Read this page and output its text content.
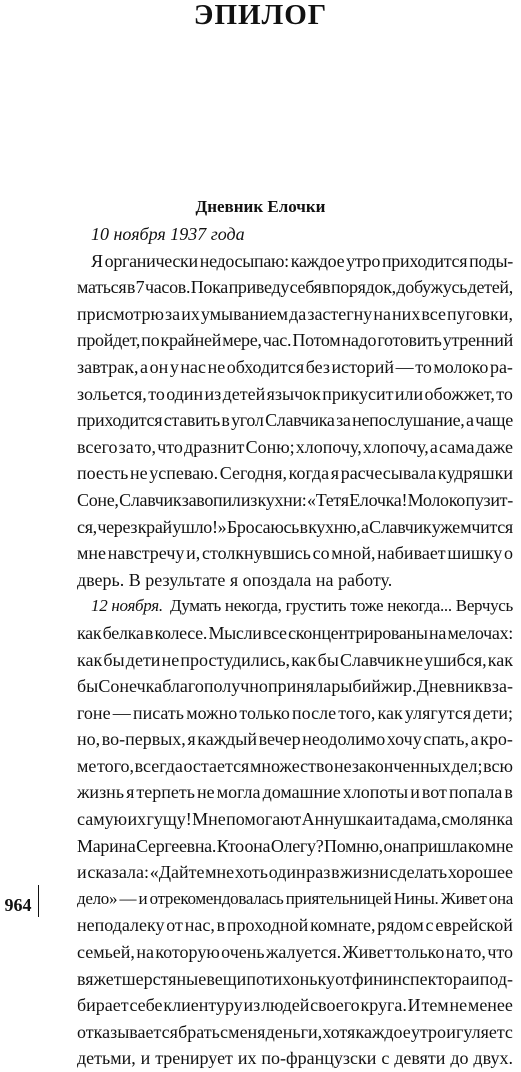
ЭПИЛОГ
Дневник Елочки
10 ноября 1937 года
Я органически недосыпаю: каждое утро приходится поды-
маться в 7 часов. Пока приведу себя в порядок, добужусь детей,
присмотрю за их умыванием да застегну на них все пуговки,
пройдет, по крайней мере, час. Потом надо готовить утренний
завтрак, а он у нас не обходится без историй — то молоко ра-
зольется, то один из детей язычок прикусит или обожжет, то
приходится ставить в угол Славчика за непослушание, а чаще
всего за то, что дразнит Соню; хлопочу, хлопочу, а сама даже
поесть не успеваю. Сегодня, когда я расчесывала кудряшки
Соне, Славчик завопил из кухни: «Тетя Елочка! Молоко пузит-
ся, через край ушло!» Бросаюсь в кухню, а Славчик уже мчится
мне навстречу и, столкнувшись со мной, набивает шишку о
дверь. В результате я опоздала на работу.
12 ноября. Думать некогда, грустить тоже некогда... Верчусь
как белка в колесе. Мысли все сконцентрированы на мелочах:
как бы дети не простудились, как бы Славчик не ушибся, как
бы Сонечка благополучно приняла рыбий жир. Дневник в за-
гоне — писать можно только после того, как улягутся дети;
но, во-первых, я каждый вечер неодолимо хочу спать, а кро-
ме того, всегда остается множество незаконченных дел; всю
жизнь я терпеть не могла домашние хлопоты и вот попала в
самую их гущу! Мне помогают Аннушка и та дама, смолянка
Марина Сергеевна. Кто она Олегу? Помню, она пришла ко мне
и сказала: «Дайте мне хоть один раз в жизни сделать хорошее
дело» — и отрекомендовалась приятельницей Нины. Живет она
неподалеку от нас, в проходной комнате, рядом с еврейской
семьей, на которую очень жалуется. Живет только на то, что
вяжет шерстяные вещи потихоньку от фининспектора и под-
бирает себе клиентуру из людей своего круга. И тем не менее
отказывается брать с меня деньги, хотя каждое утро и гуляет с
детьми, и тренирует их по-французски с девяти до двух.
964
